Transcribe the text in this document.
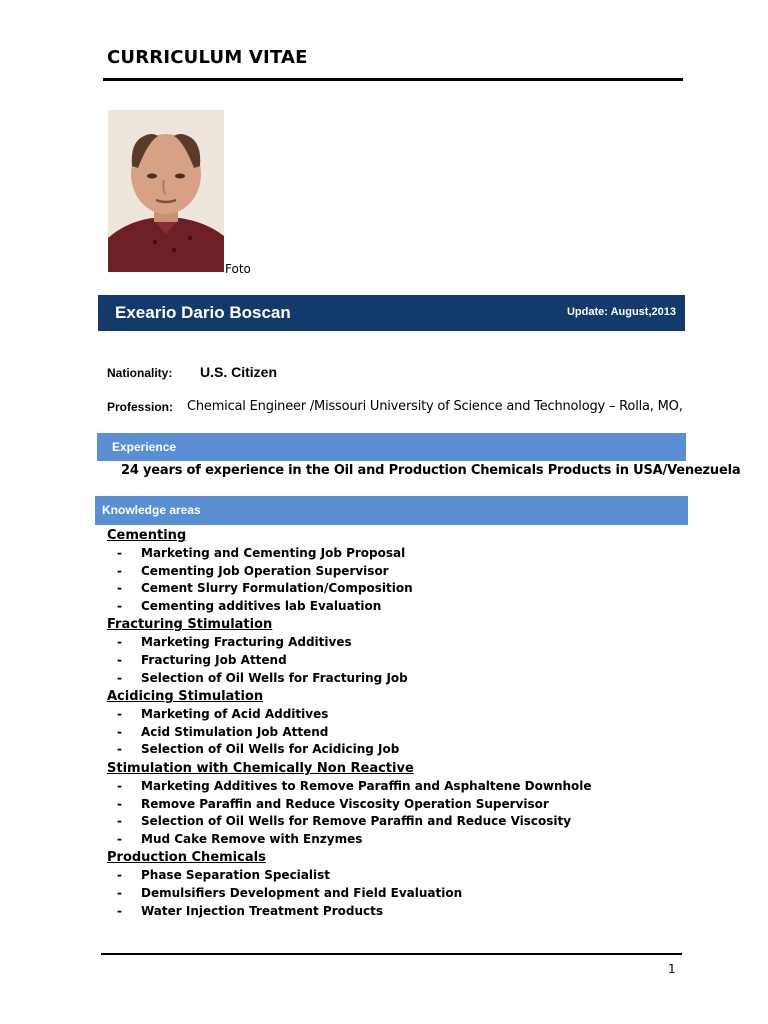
CURRICULUM VITAE
Foto
Exeario Dario Boscan	Update: August,2013
Nationality: U.S. Citizen
Profession: Chemical Engineer /Missouri University of Science and Technology – Rolla, MO,
Experience
24 years of experience in the Oil and Production Chemicals Products in USA/Venezuela
Knowledge areas
Cementing
- Marketing and Cementing Job Proposal
- Cementing Job Operation Supervisor
- Cement Slurry Formulation/Composition
- Cementing additives lab Evaluation
Fracturing Stimulation
- Marketing Fracturing Additives
- Fracturing Job Attend
- Selection of Oil Wells for Fracturing Job
Acidicing Stimulation
- Marketing of Acid Additives
- Acid Stimulation Job Attend
- Selection of Oil Wells for Acidicing Job
Stimulation with Chemically Non Reactive
- Marketing Additives to Remove Paraffin and Asphaltene Downhole
- Remove Paraffin and Reduce Viscosity Operation Supervisor
- Selection of Oil Wells for Remove Paraffin and Reduce Viscosity
- Mud Cake Remove with Enzymes
Production Chemicals
- Phase Separation Specialist
- Demulsifiers Development and Field Evaluation
- Water Injection Treatment Products
1
